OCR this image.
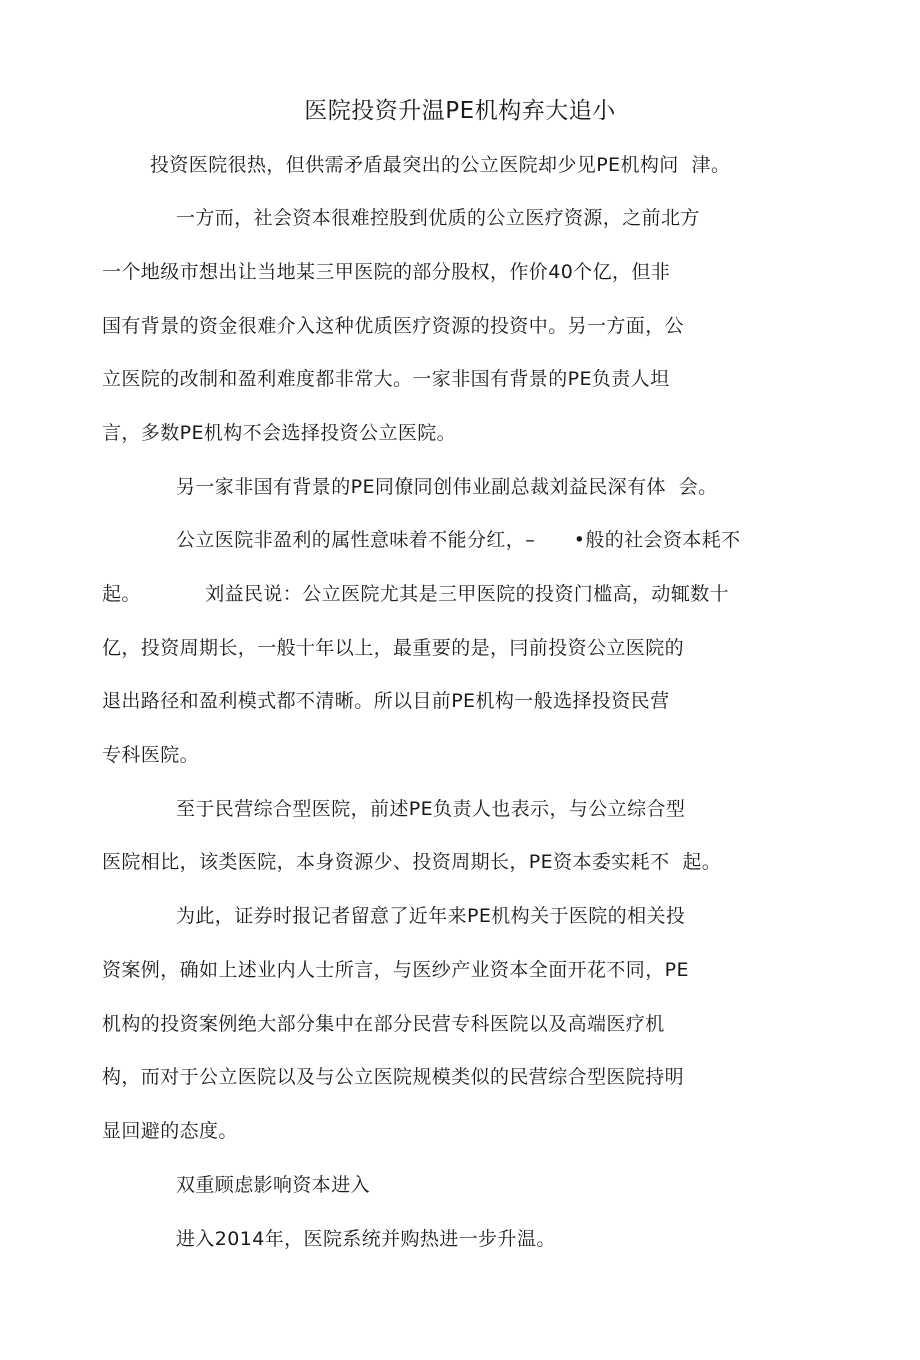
医院投资升温PE机构弃大追小

投资医院很热，但供需矛盾最突出的公立医院却少见PE机构问  津。

一方而，社会资本很难控股到优质的公立医疗资源，之前北方

一个地级市想出让当地某三甲医院的部分股权，作价40个亿，但非

国有背景的资金很难介入这种优质医疗资源的投资中。另一方面，公

立医院的改制和盈利难度都非常大。一家非国有背景的PE负责人坦

言，多数PE机构不会选择投资公立医院。

另一家非国有背景的PE同僚同创伟业副总裁刘益民深有体  会。

公立医院非盈利的属性意味着不能分红，–      •般的社会资本耗不

起。          刘益民说：公立医院尤其是三甲医院的投资门槛高，动辄数十

亿，投资周期长，一般十年以上，最重要的是，冃前投资公立医院的

退出路径和盈利模式都不清晰。所以目前PE机构一般选择投资民营

专科医院。

至于民营综合型医院，前述PE负责人也表示，与公立综合型

医院相比，该类医院，本身资源少、投资周期长，PE资本委实耗不  起。

为此，证券时报记者留意了近年来PE机构关于医院的相关投

资案例，确如上述业内人士所言，与医纱产业资本全面开花不同，PE

机构的投资案例绝大部分集中在部分民营专科医院以及高端医疗机

构，而对于公立医院以及与公立医院规模类似的民营综合型医院持明

显回避的态度。

双重顾虑影响资本进入

进入2014年，医院系统并购热进一步升温。
